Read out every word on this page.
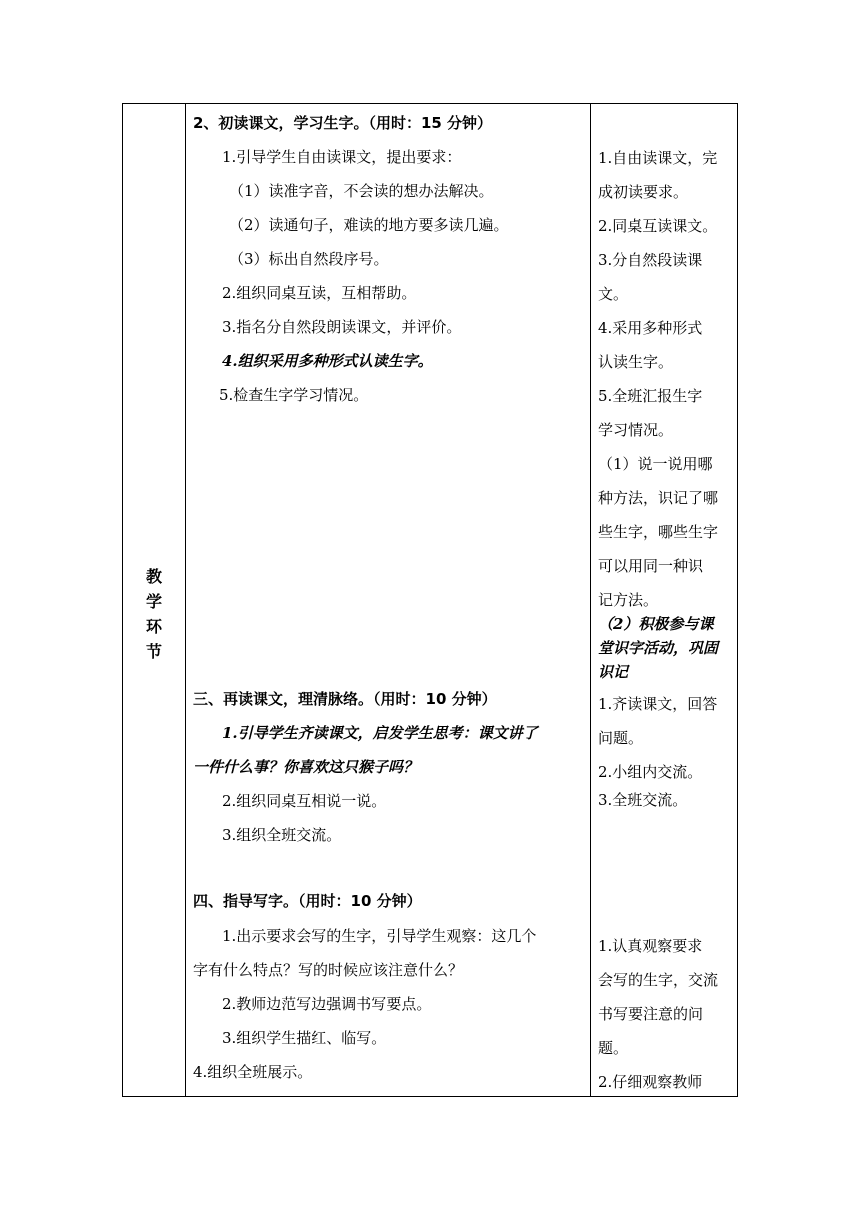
教
学
环
节
2、初读课文，学习生字。（用时：15 分钟）
1.引导学生自由读课文，提出要求：
（1）读准字音，不会读的想办法解决。
（2）读通句子，难读的地方要多读几遍。
（3）标出自然段序号。
2.组织同桌互读，互相帮助。
3.指名分自然段朗读课文，并评价。
4.组织采用多种形式认读生字。
5.检查生字学习情况。
三、再读课文，理清脉络。（用时：10 分钟）
1.引导学生齐读课文，启发学生思考：课文讲了
一件什么事？你喜欢这只猴子吗？
2.组织同桌互相说一说。
3.组织全班交流。
四、指导写字。（用时：10 分钟）
1.出示要求会写的生字，引导学生观察：这几个
字有什么特点？写的时候应该注意什么？
2.教师边范写边强调书写要点。
3.组织学生描红、临写。
4.组织全班展示。
1.自由读课文，完
成初读要求。
2.同桌互读课文。
3.分自然段读课
文。
4.采用多种形式
认读生字。
5.全班汇报生字
学习情况。
（1）说一说用哪
种方法，识记了哪
些生字，哪些生字
可以用同一种识
记方法。
（2）积极参与课
堂识字活动，巩固
识记
1.齐读课文，回答
问题。
2.小组内交流。
3.全班交流。
1.认真观察要求
会写的生字，交流
书写要注意的问
题。
2.仔细观察教师
